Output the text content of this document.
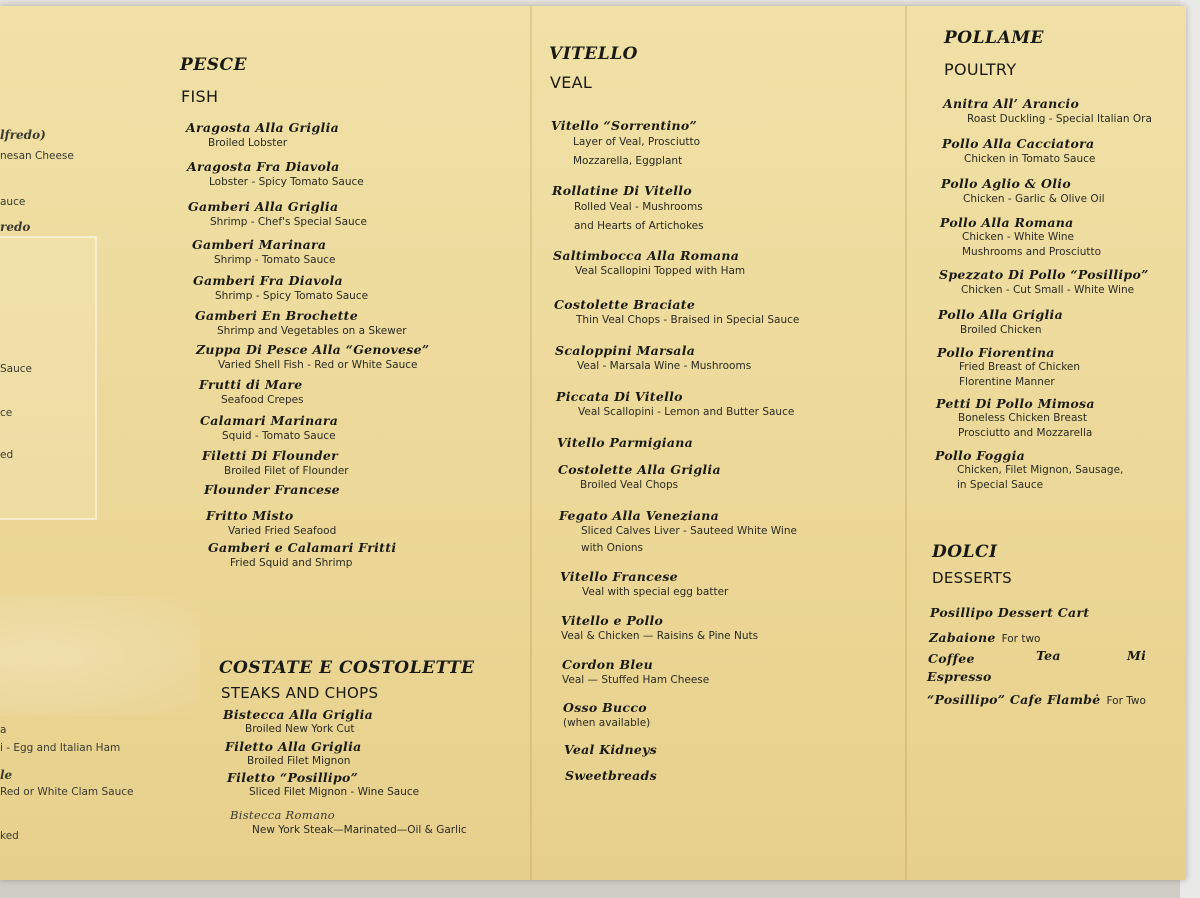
lfredo)
nesan Cheese
auce
redo
Sauce
ce
ed
a
i - Egg and Italian Ham
le
Red or White Clam Sauce
ked
PESCE
FISH
Aragosta Alla Griglia
Broiled Lobster
Aragosta Fra Diavola
Lobster - Spicy Tomato Sauce
Gamberi Alla Griglia
Shrimp - Chef's Special Sauce
Gamberi Marinara
Shrimp - Tomato Sauce
Gamberi Fra Diavola
Shrimp - Spicy Tomato Sauce
Gamberi En Brochette
Shrimp and Vegetables on a Skewer
Zuppa Di Pesce Alla “Genovese”
Varied Shell Fish - Red or White Sauce
Frutti di Mare
Seafood Crepes
Calamari Marinara
Squid - Tomato Sauce
Filetti Di Flounder
Broiled Filet of Flounder
Flounder Francese
Fritto Misto
Varied Fried Seafood
Gamberi e Calamari Fritti
Fried Squid and Shrimp
COSTATE E COSTOLETTE
STEAKS AND CHOPS
Bistecca Alla Griglia
Broiled New York Cut
Filetto Alla Griglia
Broiled Filet Mignon
Filetto “Posillipo”
Sliced Filet Mignon - Wine Sauce
Bistecca Romano
New York Steak—Marinated—Oil & Garlic
VITELLO
VEAL
Vitello “Sorrentino”
Layer of Veal, Prosciutto
Mozzarella, Eggplant
Rollatine Di Vitello
Rolled Veal - Mushrooms
and Hearts of Artichokes
Saltimbocca Alla Romana
Veal Scallopini Topped with Ham
Costolette Braciate
Thin Veal Chops - Braised in Special Sauce
Scaloppini Marsala
Veal - Marsala Wine - Mushrooms
Piccata Di Vitello
Veal Scallopini - Lemon and Butter Sauce
Vitello Parmigiana
Costolette Alla Griglia
Broiled Veal Chops
Fegato Alla Veneziana
Sliced Calves Liver - Sauteed White Wine
with Onions
Vitello Francese
Veal with special egg batter
Vitello e Pollo
Veal & Chicken — Raisins & Pine Nuts
Cordon Bleu
Veal — Stuffed Ham Cheese
Osso Bucco
(when available)
Veal Kidneys
Sweetbreads
POLLAME
POULTRY
Anitra All’ Arancio
Roast Duckling - Special Italian Ora
Pollo Alla Cacciatora
Chicken in Tomato Sauce
Pollo Aglio & Olio
Chicken - Garlic & Olive Oil
Pollo Alla Romana
Chicken - White Wine
Mushrooms and Prosciutto
Spezzato Di Pollo “Posillipo”
Chicken - Cut Small - White Wine
Pollo Alla Griglia
Broiled Chicken
Pollo Fiorentina
Fried Breast of Chicken
Florentine Manner
Petti Di Pollo Mimosa
Boneless Chicken Breast
Prosciutto and Mozzarella
Pollo Foggia
Chicken, Filet Mignon, Sausage,
in Special Sauce
DOLCI
DESSERTS
Posillipo Dessert Cart
Zabaione For two
Coffee	Tea	Mi
Espresso
“Posillipo” Cafe Flambė For Two
